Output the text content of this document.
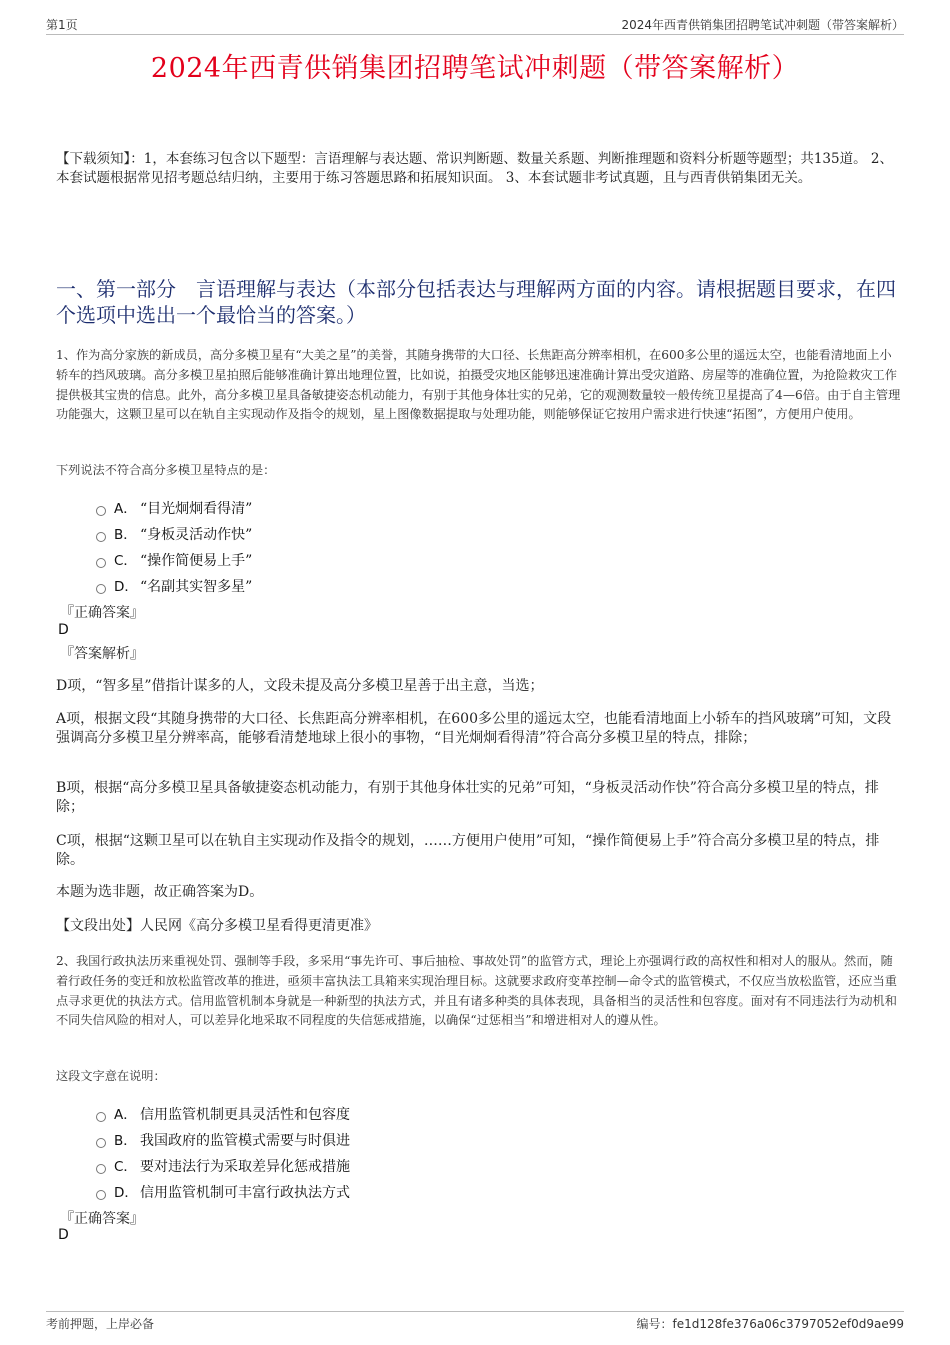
第1页	2024年西青供销集团招聘笔试冲刺题（带答案解析）
2024年西青供销集团招聘笔试冲刺题（带答案解析）
【下载须知】：1，本套练习包含以下题型：言语理解与表达题、常识判断题、数量关系题、判断推理题和资料分析题等题型；共135道。 2、本套试题根据常见招考题总结归纳，主要用于练习答题思路和拓展知识面。 3、本套试题非考试真题，且与西青供销集团无关。
一、第一部分　言语理解与表达（本部分包括表达与理解两方面的内容。请根据题目要求，在四个选项中选出一个最恰当的答案。）
1、作为高分家族的新成员，高分多模卫星有“大美之星”的美誉，其随身携带的大口径、长焦距高分辨率相机，在600多公里的遥远太空，也能看清地面上小轿车的挡风玻璃。高分多模卫星拍照后能够准确计算出地理位置，比如说，拍摄受灾地区能够迅速准确计算出受灾道路、房屋等的准确位置，为抢险救灾工作提供极其宝贵的信息。此外，高分多模卫星具备敏捷姿态机动能力，有别于其他身体壮实的兄弟，它的观测数量较一般传统卫星提高了4—6倍。由于自主管理功能强大，这颗卫星可以在轨自主实现动作及指令的规划，星上图像数据提取与处理功能，则能够保证它按用户需求进行快速“拓图”，方便用户使用。
下列说法不符合高分多模卫星特点的是：
A． “目光炯炯看得清”
B． “身板灵活动作快”
C． “操作简便易上手”
D． “名副其实智多星”
『正确答案』
D
『答案解析』
D项，“智多星”借指计谋多的人，文段未提及高分多模卫星善于出主意，当选；
A项，根据文段“其随身携带的大口径、长焦距高分辨率相机，在600多公里的遥远太空，也能看清地面上小轿车的挡风玻璃”可知，文段强调高分多模卫星分辨率高，能够看清楚地球上很小的事物，“目光炯炯看得清”符合高分多模卫星的特点，排除；
B项，根据“高分多模卫星具备敏捷姿态机动能力，有别于其他身体壮实的兄弟”可知，“身板灵活动作快”符合高分多模卫星的特点，排除；
C项，根据“这颗卫星可以在轨自主实现动作及指令的规划，……方便用户使用”可知，“操作简便易上手”符合高分多模卫星的特点，排除。
本题为选非题，故正确答案为D。
【文段出处】人民网《高分多模卫星看得更清更准》
2、我国行政执法历来重视处罚、强制等手段，多采用“事先许可、事后抽检、事故处罚”的监管方式，理论上亦强调行政的高权性和相对人的服从。然而，随着行政任务的变迁和放松监管改革的推进，亟须丰富执法工具箱来实现治理目标。这就要求政府变革控制—命令式的监管模式，不仅应当放松监管，还应当重点寻求更优的执法方式。信用监管机制本身就是一种新型的执法方式，并且有诸多种类的具体表现，具备相当的灵活性和包容度。面对有不同违法行为动机和不同失信风险的相对人，可以差异化地采取不同程度的失信惩戒措施，以确保“过惩相当”和增进相对人的遵从性。
这段文字意在说明：
A． 信用监管机制更具灵活性和包容度
B． 我国政府的监管模式需要与时俱进
C． 要对违法行为采取差异化惩戒措施
D． 信用监管机制可丰富行政执法方式
『正确答案』
D
考前押题，上岸必备	编号：fe1d128fe376a06c3797052ef0d9ae99
